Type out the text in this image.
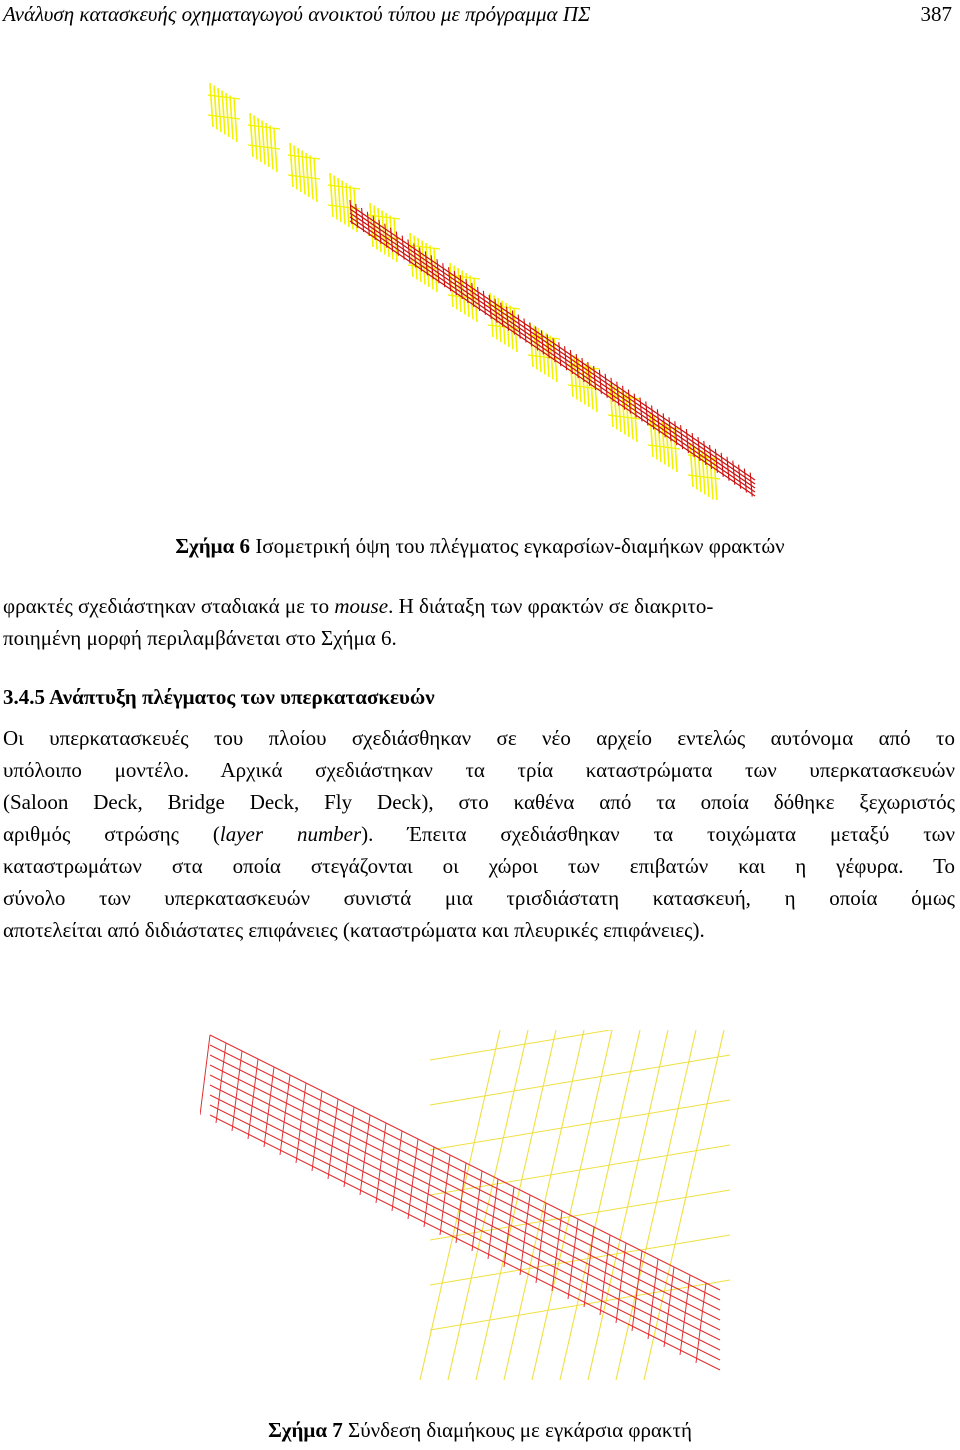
Ανάλυση κατασκευής οχηματαγωγού ανοικτού τύπου με πρόγραμμα ΠΣ	387
Σχήμα 6 Ισομετρική όψη του πλέγματος εγκαρσίων-διαμήκων φρακτών
φρακτές σχεδιάστηκαν σταδιακά με το mouse. Η διάταξη των φρακτών σε διακριτο-
ποιημένη μορφή περιλαμβάνεται στο Σχήμα 6.
3.4.5 Ανάπτυξη πλέγματος των υπερκατασκευών
Οι υπερκατασκευές του πλοίου σχεδιάσθηκαν σε νέο αρχείο εντελώς αυτόνομα από το
υπόλοιπο μοντέλο. Αρχικά σχεδιάστηκαν τα τρία καταστρώματα των υπερκατασκευών
(Saloon Deck, Bridge Deck, Fly Deck), στο καθένα από τα οποία δόθηκε ξεχωριστός
αριθμός στρώσης (layer number). Έπειτα σχεδιάσθηκαν τα τοιχώματα μεταξύ των
καταστρωμάτων στα οποία στεγάζονται οι χώροι των επιβατών και η γέφυρα. Το
σύνολο των υπερκατασκευών συνιστά μια τρισδιάστατη κατασκευή, η οποία όμως
αποτελείται από διδιάστατες επιφάνειες (καταστρώματα και πλευρικές επιφάνειες).
Σχήμα 7 Σύνδεση διαμήκους με εγκάρσια φρακτή
